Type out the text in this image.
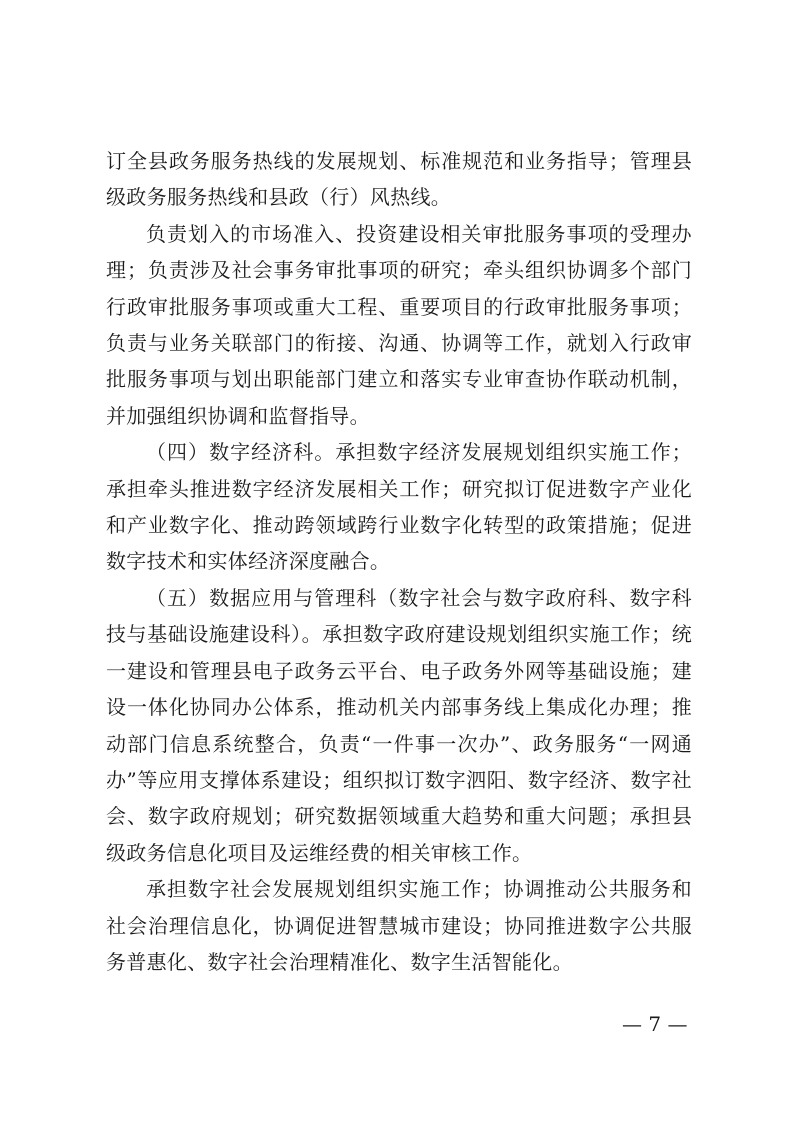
订全县政务服务热线的发展规划、标准规范和业务指导；管理县级政务服务热线和县政（行）风热线。

负责划入的市场准入、投资建设相关审批服务事项的受理办理；负责涉及社会事务审批事项的研究；牵头组织协调多个部门行政审批服务事项或重大工程、重要项目的行政审批服务事项；负责与业务关联部门的衔接、沟通、协调等工作，就划入行政审批服务事项与划出职能部门建立和落实专业审查协作联动机制，并加强组织协调和监督指导。

（四）数字经济科。承担数字经济发展规划组织实施工作；承担牵头推进数字经济发展相关工作；研究拟订促进数字产业化和产业数字化、推动跨领域跨行业数字化转型的政策措施；促进数字技术和实体经济深度融合。

（五）数据应用与管理科（数字社会与数字政府科、数字科技与基础设施建设科）。承担数字政府建设规划组织实施工作；统一建设和管理县电子政务云平台、电子政务外网等基础设施；建设一体化协同办公体系，推动机关内部事务线上集成化办理；推动部门信息系统整合，负责“一件事一次办”、政务服务“一网通办”等应用支撑体系建设；组织拟订数字泗阳、数字经济、数字社会、数字政府规划；研究数据领域重大趋势和重大问题；承担县级政务信息化项目及运维经费的相关审核工作。

承担数字社会发展规划组织实施工作；协调推动公共服务和社会治理信息化，协调促进智慧城市建设；协同推进数字公共服务普惠化、数字社会治理精准化、数字生活智能化。

— 7 —
